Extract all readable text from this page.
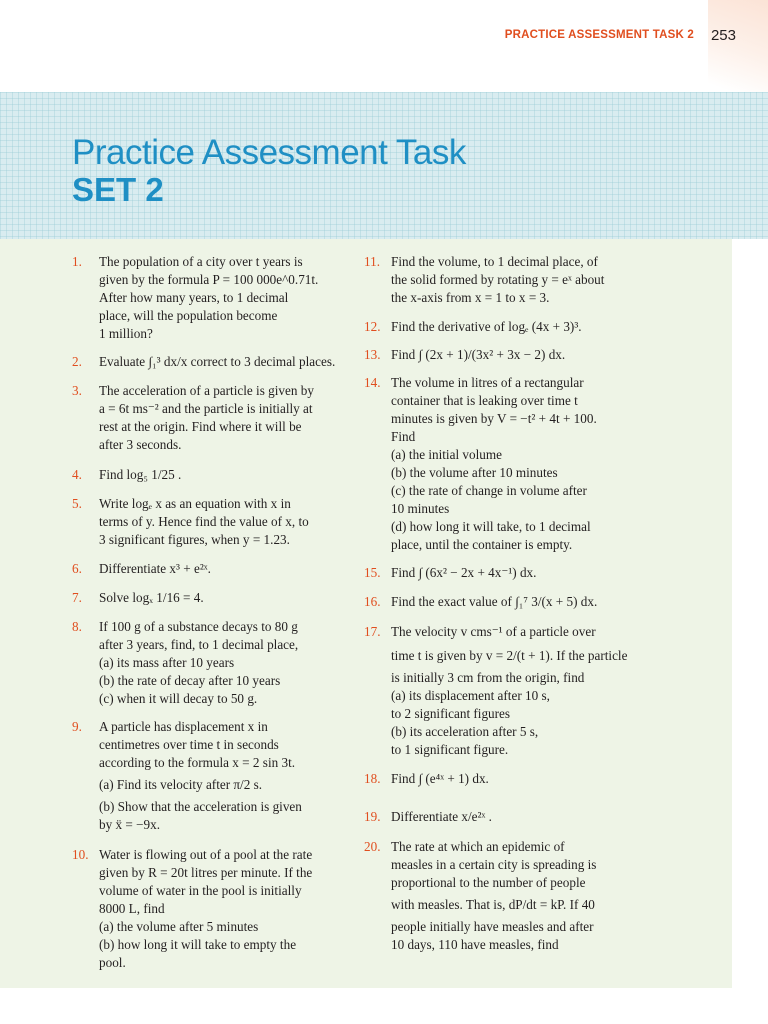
PRACTICE ASSESSMENT TASK 2 253
Practice Assessment Task
SET 2
1.	The population of a city over t years is

given by the formula P = 100 000e^0.71t.

After how many years, to 1 decimal

place, will the population become

1 million?

2.	Evaluate ∫₁³ dx/x correct to 3 decimal places.

3.	The acceleration of a particle is given by

a = 6t ms⁻² and the particle is initially at

rest at the origin. Find where it will be

after 3 seconds.

4.	Find log₅ 1/25 .

5.	Write logₑ x as an equation with x in

terms of y. Hence find the value of x, to

3 significant figures, when y = 1.23.

6.	Differentiate x³ + e²ˣ.

7.	Solve logₓ 1/16 = 4.

8.	If 100 g of a substance decays to 80 g

after 3 years, find, to 1 decimal place,

(a) its mass after 10 years

(b) the rate of decay after 10 years

(c) when it will decay to 50 g.

9.	A particle has displacement x in

centimetres over time t in seconds

according to the formula x = 2 sin 3t.

(a) Find its velocity after π/2 s.

(b) Show that the acceleration is given

by ẍ = −9x.

10. Water is flowing out of a pool at the rate

given by R = 20t litres per minute. If the

volume of water in the pool is initially

8000 L, find

(a) the volume after 5 minutes

(b) how long it will take to empty the

pool.

11. Find the volume, to 1 decimal place, of

the solid formed by rotating y = eˣ about

the x-axis from x = 1 to x = 3.

12. Find the derivative of logₑ (4x + 3)³.

13. Find ∫ (2x + 1)/(3x² + 3x − 2) dx.

14. The volume in litres of a rectangular

container that is leaking over time t

minutes is given by V = −t² + 4t + 100.

Find

(a) the initial volume

(b) the volume after 10 minutes

(c) the rate of change in volume after

10 minutes

(d) how long it will take, to 1 decimal

place, until the container is empty.

15. Find ∫ (6x² − 2x + 4x⁻¹) dx.

16. Find the exact value of ∫₁⁷ 3/(x + 5) dx.

17. The velocity v cms⁻¹ of a particle over

time t is given by v = 2/(t + 1). If the particle

is initially 3 cm from the origin, find

(a) its displacement after 10 s,

to 2 significant figures

(b) its acceleration after 5 s,

to 1 significant figure.

18. Find ∫ (e⁴ˣ + 1) dx.

19. Differentiate x/e²ˣ .

20. The rate at which an epidemic of

measles in a certain city is spreading is

proportional to the number of people

with measles. That is, dP/dt = kP. If 40

people initially have measles and after

10 days, 110 have measles, find
